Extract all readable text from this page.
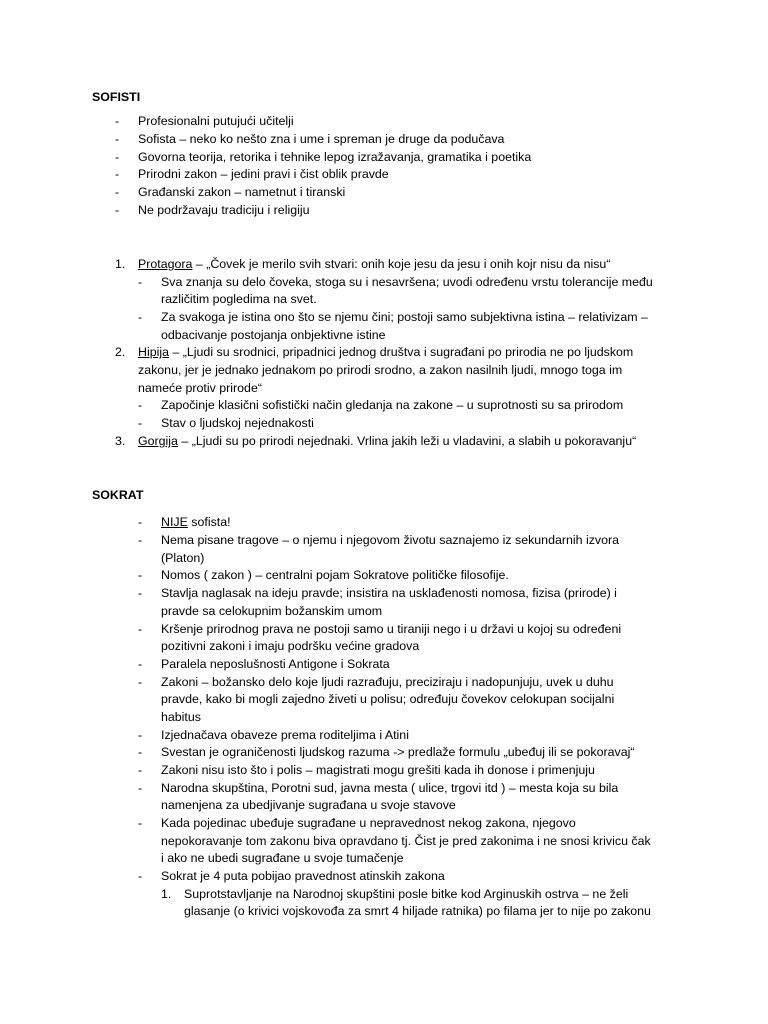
SOFISTI
- Profesionalni putujući učitelji
- Sofista – neko ko nešto zna i ume i spreman je druge da podučava
- Govorna teorija, retorika i tehnike lepog izražavanja, gramatika i poetika
- Prirodni zakon – jedini pravi i čist oblik pravde
- Građanski zakon – nametnut i tiranski
- Ne podržavaju tradiciju i religiju
1. Protagora – „Čovek je merilo svih stvari: onih koje jesu da jesu i onih kojr nisu da nisu“
- Sva znanja su delo čoveka, stoga su i nesavršena; uvodi određenu vrstu tolerancije među
različitim pogledima na svet.
- Za svakoga je istina ono što se njemu čini; postoji samo subjektivna istina – relativizam –
odbacivanje postojanja onbjektivne istine
2. Hipija – „Ljudi su srodnici, pripadnici jednog društva i sugrađani po prirodia ne po ljudskom
zakonu, jer je jednako jednakom po prirodi srodno, a zakon nasilnih ljudi, mnogo toga im
nameće protiv prirode“
- Započinje klasični sofistički način gledanja na zakone – u suprotnosti su sa prirodom
- Stav o ljudskoj nejednakosti
3. Gorgija – „Ljudi su po prirodi nejednaki. Vrlina jakih leži u vladavini, a slabih u pokoravanju“
SOKRAT
- NIJE sofista!
- Nema pisane tragove – o njemu i njegovom životu saznajemo iz sekundarnih izvora
(Platon)
- Nomos ( zakon ) – centralni pojam Sokratove političke filosofije.
- Stavlja naglasak na ideju pravde; insistira na usklađenosti nomosa, fizisa (prirode) i
pravde sa celokupnim božanskim umom
- Kršenje prirodnog prava ne postoji samo u tiraniji nego i u državi u kojoj su određeni
pozitivni zakoni i imaju podršku većine gradova
- Paralela neposlušnosti Antigone i Sokrata
- Zakoni – božansko delo koje ljudi razrađuju, preciziraju i nadopunjuju, uvek u duhu
pravde, kako bi mogli zajedno živeti u polisu; određuju čovekov celokupan socijalni
habitus
- Izjednačava obaveze prema roditeljima i Atini
- Svestan je ograničenosti ljudskog razuma -> predlaže formulu „ubeđuj ili se pokoravaj“
- Zakoni nisu isto što i polis – magistrati mogu grešiti kada ih donose i primenjuju
- Narodna skupština, Porotni sud, javna mesta ( ulice, trgovi itd ) – mesta koja su bila
namenjena za ubedjivanje sugrađana u svoje stavove
- Kada pojedinac ubeđuje sugrađane u nepravednost nekog zakona, njegovo
nepokoravanje tom zakonu biva opravdano tj. Čist je pred zakonima i ne snosi krivicu čak
i ako ne ubedi sugrađane u svoje tumačenje
- Sokrat je 4 puta pobijao pravednost atinskih zakona
1. Suprotstavljanje na Narodnoj skupštini posle bitke kod Arginuskih ostrva – ne želi
glasanje (o krivici vojskovođa za smrt 4 hiljade ratnika) po filama jer to nije po zakonu
